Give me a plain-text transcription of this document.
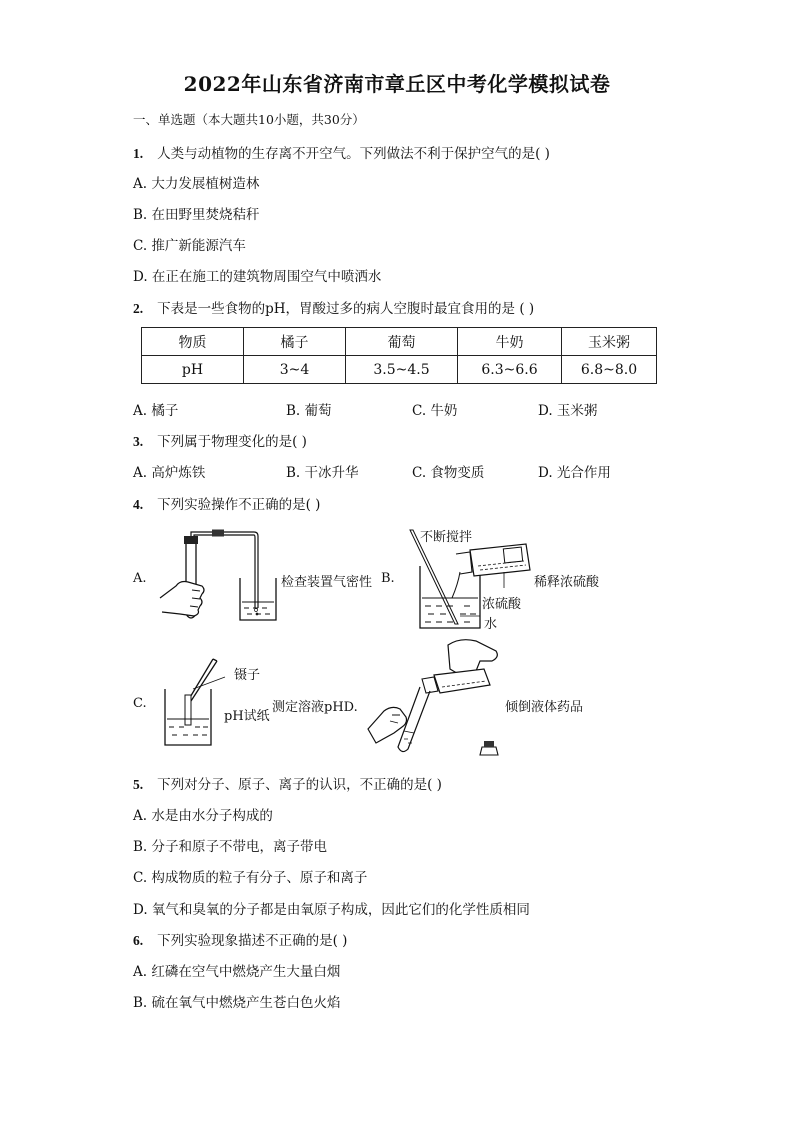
2022年山东省济南市章丘区中考化学模拟试卷
一、单选题（本大题共10小题，共30分）
1. 人类与动植物的生存离不开空气。下列做法不利于保护空气的是( )
A. 大力发展植树造林
B. 在田野里焚烧秸秆
C. 推广新能源汽车
D. 在正在施工的建筑物周围空气中喷洒水
2. 下表是一些食物的pH，胃酸过多的病人空腹时最宜食用的是 ( )
物质	橘子	葡萄	牛奶	玉米粥
pH	3~4	3.5~4.5	6.3~6.6	6.8~8.0
A. 橘子	B. 葡萄	C. 牛奶	D. 玉米粥
3. 下列属于物理变化的是( )
A. 高炉炼铁	B. 干冰升华	C. 食物变质	D. 光合作用
4. 下列实验操作不正确的是( )
A.	检查装置气密性 B.
不断搅拌
稀释浓硫酸
浓硫酸
水
C.
镊子
pH试纸
测定溶液pHD.	倾倒液体药品
5. 下列对分子、原子、离子的认识，不正确的是( )
A. 水是由水分子构成的
B. 分子和原子不带电，离子带电
C. 构成物质的粒子有分子、原子和离子
D. 氧气和臭氧的分子都是由氧原子构成，因此它们的化学性质相同
6. 下列实验现象描述不正确的是( )
A. 红磷在空气中燃烧产生大量白烟
B. 硫在氧气中燃烧产生苍白色火焰
